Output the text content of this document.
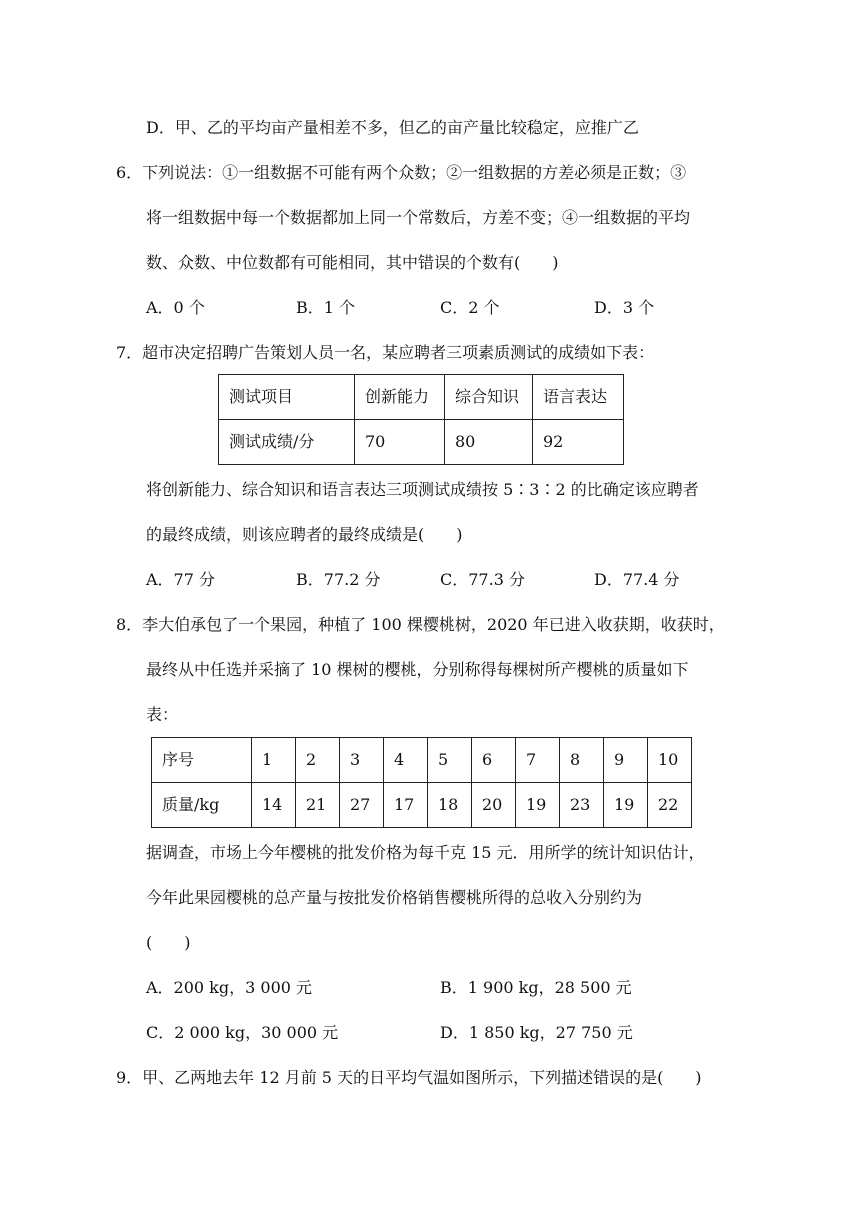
D．甲、乙的平均亩产量相差不多，但乙的亩产量比较稳定，应推广乙
6．下列说法：①一组数据不可能有两个众数；②一组数据的方差必须是正数；③
将一组数据中每一个数据都加上同一个常数后，方差不变；④一组数据的平均
数、众数、中位数都有可能相同，其中错误的个数有(　　)
A．0 个	B．1 个	C．2 个	D．3 个
7．超市决定招聘广告策划人员一名，某应聘者三项素质测试的成绩如下表：
测试项目	创新能力	综合知识	语言表达
测试成绩/分	70	80	92
将创新能力、综合知识和语言表达三项测试成绩按 5∶3∶2 的比确定该应聘者
的最终成绩，则该应聘者的最终成绩是(　　)
A．77 分	B．77.2 分	C．77.3 分	D．77.4 分
8．李大伯承包了一个果园，种植了 100 棵樱桃树，2020 年已进入收获期，收获时，
最终从中任选并采摘了 10 棵树的樱桃，分别称得每棵树所产樱桃的质量如下
表：
序号	1	2	3	4	5	6	7	8	9	10
质量/kg	14	21	27	17	18	20	19	23	19	22
据调查，市场上今年樱桃的批发价格为每千克 15 元．用所学的统计知识估计，
今年此果园樱桃的总产量与按批发价格销售樱桃所得的总收入分别约为
(　　)
A．200 kg，3 000 元	B．1 900 kg，28 500 元
C．2 000 kg，30 000 元	D．1 850 kg，27 750 元
9．甲、乙两地去年 12 月前 5 天的日平均气温如图所示，下列描述错误的是(　　)
